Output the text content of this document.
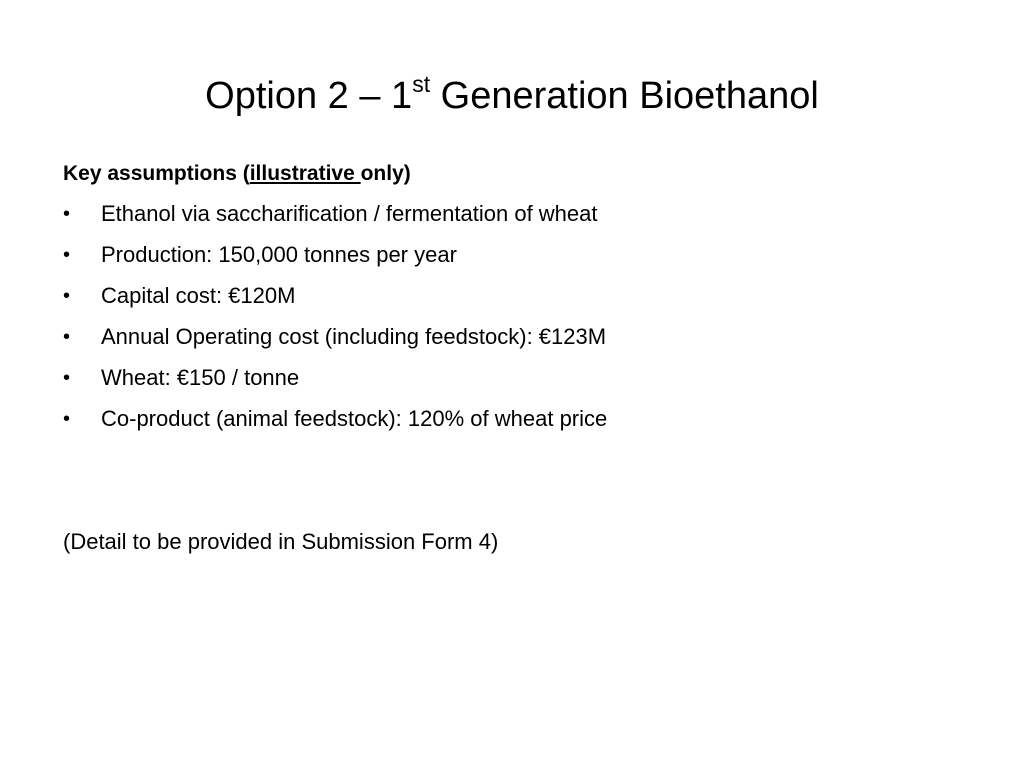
Option 2 – 1st Generation Bioethanol
Key assumptions (illustrative only)
• Ethanol via saccharification / fermentation of wheat
• Production: 150,000 tonnes per year
• Capital cost: €120M
• Annual Operating cost (including feedstock): €123M
• Wheat: €150 / tonne
• Co-product (animal feedstock): 120% of wheat price
(Detail to be provided in Submission Form 4)
